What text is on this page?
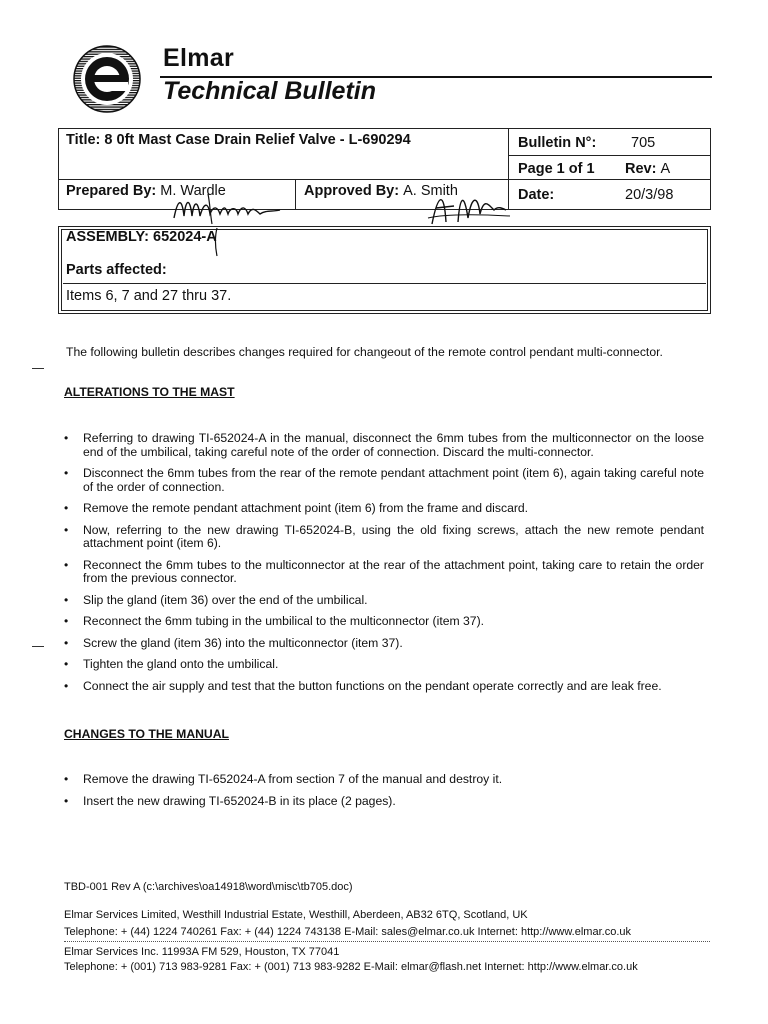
Elmar
Technical Bulletin
Title: 8 0ft Mast Case Drain Relief Valve - L-690294	Bulletin N°: 705
Page 1 of 1 Rev: A
Prepared By: M. Wardle	Approved By: A. Smith	Date:	20/3/98
ASSEMBLY: 652024-A
Parts affected:
Items 6, 7 and 27 thru 37.
The following bulletin describes changes required for changeout of the remote control pendant multi-connector.
ALTERATIONS TO THE MAST
• Referring to drawing TI-652024-A in the manual, disconnect the 6mm tubes from the multiconnector on the loose end of the umbilical, taking careful note of the order of connection. Discard the multi-connector.
• Disconnect the 6mm tubes from the rear of the remote pendant attachment point (item 6), again taking careful note of the order of connection.
• Remove the remote pendant attachment point (item 6) from the frame and discard.
• Now, referring to the new drawing TI-652024-B, using the old fixing screws, attach the new remote pendant attachment point (item 6).
• Reconnect the 6mm tubes to the multiconnector at the rear of the attachment point, taking care to retain the order from the previous connector.
• Slip the gland (item 36) over the end of the umbilical.
• Reconnect the 6mm tubing in the umbilical to the multiconnector (item 37).
• Screw the gland (item 36) into the multiconnector (item 37).
• Tighten the gland onto the umbilical.
• Connect the air supply and test that the button functions on the pendant operate correctly and are leak free.
CHANGES TO THE MANUAL
• Remove the drawing TI-652024-A from section 7 of the manual and destroy it.
• Insert the new drawing TI-652024-B in its place (2 pages).
TBD-001 Rev A (c:\archives\oa14918\word\misc\tb705.doc)
Elmar Services Limited, Westhill Industrial Estate, Westhill, Aberdeen, AB32 6TQ, Scotland, UK
Telephone: + (44) 1224 740261 Fax: + (44) 1224 743138 E-Mail: sales@elmar.co.uk Internet: http://www.elmar.co.uk
Elmar Services Inc. 11993A FM 529, Houston, TX 77041
Telephone: + (001) 713 983-9281 Fax: + (001) 713 983-9282 E-Mail: elmar@flash.net Internet: http://www.elmar.co.uk
